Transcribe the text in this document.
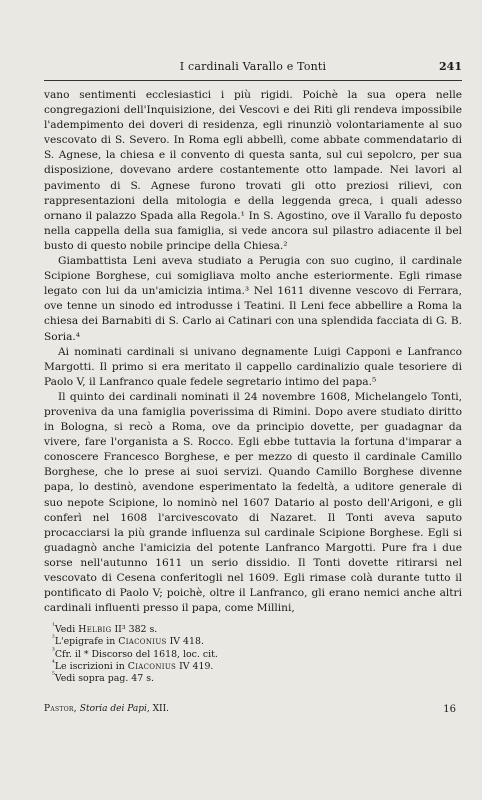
I cardinali Varallo e Tonti	241

vano sentimenti ecclesiastici i più rigidi. Poichè la sua opera nelle congregazioni dell'Inquisizione, dei Vescovi e dei Riti gli rendeva impossibile l'adempimento dei doveri di residenza, egli rinunziò volontariamente al suo vescovato di S. Severo. In Roma egli abbellì, come abbate commendatario di S. Agnese, la chiesa e il convento di questa santa, sul cui sepolcro, per sua disposizione, dovevano ardere costantemente otto lampade. Nei lavori al pavimento di S. Agnese furono trovati gli otto preziosi rilievi, con rappresentazioni della mitologia e della leggenda greca, i quali adesso ornano il palazzo Spada alla Regola.¹ In S. Agostino, ove il Varallo fu deposto nella cappella della sua famiglia, si vede ancora sul pilastro adiacente il bel busto di questo nobile principe della Chiesa.²

Giambattista Leni aveva studiato a Perugia con suo cugino, il cardinale Scipione Borghese, cui somigliava molto anche esteriormente. Egli rimase legato con lui da un'amicizia intima.³ Nel 1611 divenne vescovo di Ferrara, ove tenne un sinodo ed introdusse i Teatini. Il Leni fece abbellire a Roma la chiesa dei Barnabiti di S. Carlo ai Catinari con una splendida facciata di G. B. Soria.⁴

Ai nominati cardinali si univano degnamente Luigi Capponi e Lanfranco Margotti. Il primo si era meritato il cappello cardinalizio quale tesoriere di Paolo V, il Lanfranco quale fedele segretario intimo del papa.⁵

Il quinto dei cardinali nominati il 24 novembre 1608, Michelangelo Tonti, proveniva da una famiglia poverissima di Rimini. Dopo avere studiato diritto in Bologna, si recò a Roma, ove da principio dovette, per guadagnar da vivere, fare l'organista a S. Rocco. Egli ebbe tuttavia la fortuna d'imparar a conoscere Francesco Borghese, e per mezzo di questo il cardinale Camillo Borghese, che lo prese ai suoi servizi. Quando Camillo Borghese divenne papa, lo destinò, avendone esperimentato la fedeltà, a uditore generale di suo nepote Scipione, lo nominò nel 1607 Datario al posto dell'Arigoni, e gli conferì nel 1608 l'arcivescovato di Nazaret. Il Tonti aveva saputo procacciarsi la più grande influenza sul cardinale Scipione Borghese. Egli si guadagnò anche l'amicizia del potente Lanfranco Margotti. Pure fra i due sorse nell'autunno 1611 un serio dissidio. Il Tonti dovette ritirarsi nel vescovato di Cesena conferitogli nel 1609. Egli rimase colà durante tutto il pontificato di Paolo V; poichè, oltre il Lanfranco, gli erano nemici anche altri cardinali influenti presso il papa, come Millini,

$^{^1}$Vedi Helbig II³ 382 s.
$^{^2}$L'epigrafe in Ciaconius IV 418.
$^{^3}$Cfr. il * Discorso del 1618, loc. cit.
$^{^4}$Le iscrizioni in Ciaconius IV 419.
$^{^5}$Vedi sopra pag. 47 s.
Pastor, Storia dei Papi, XII.	16
